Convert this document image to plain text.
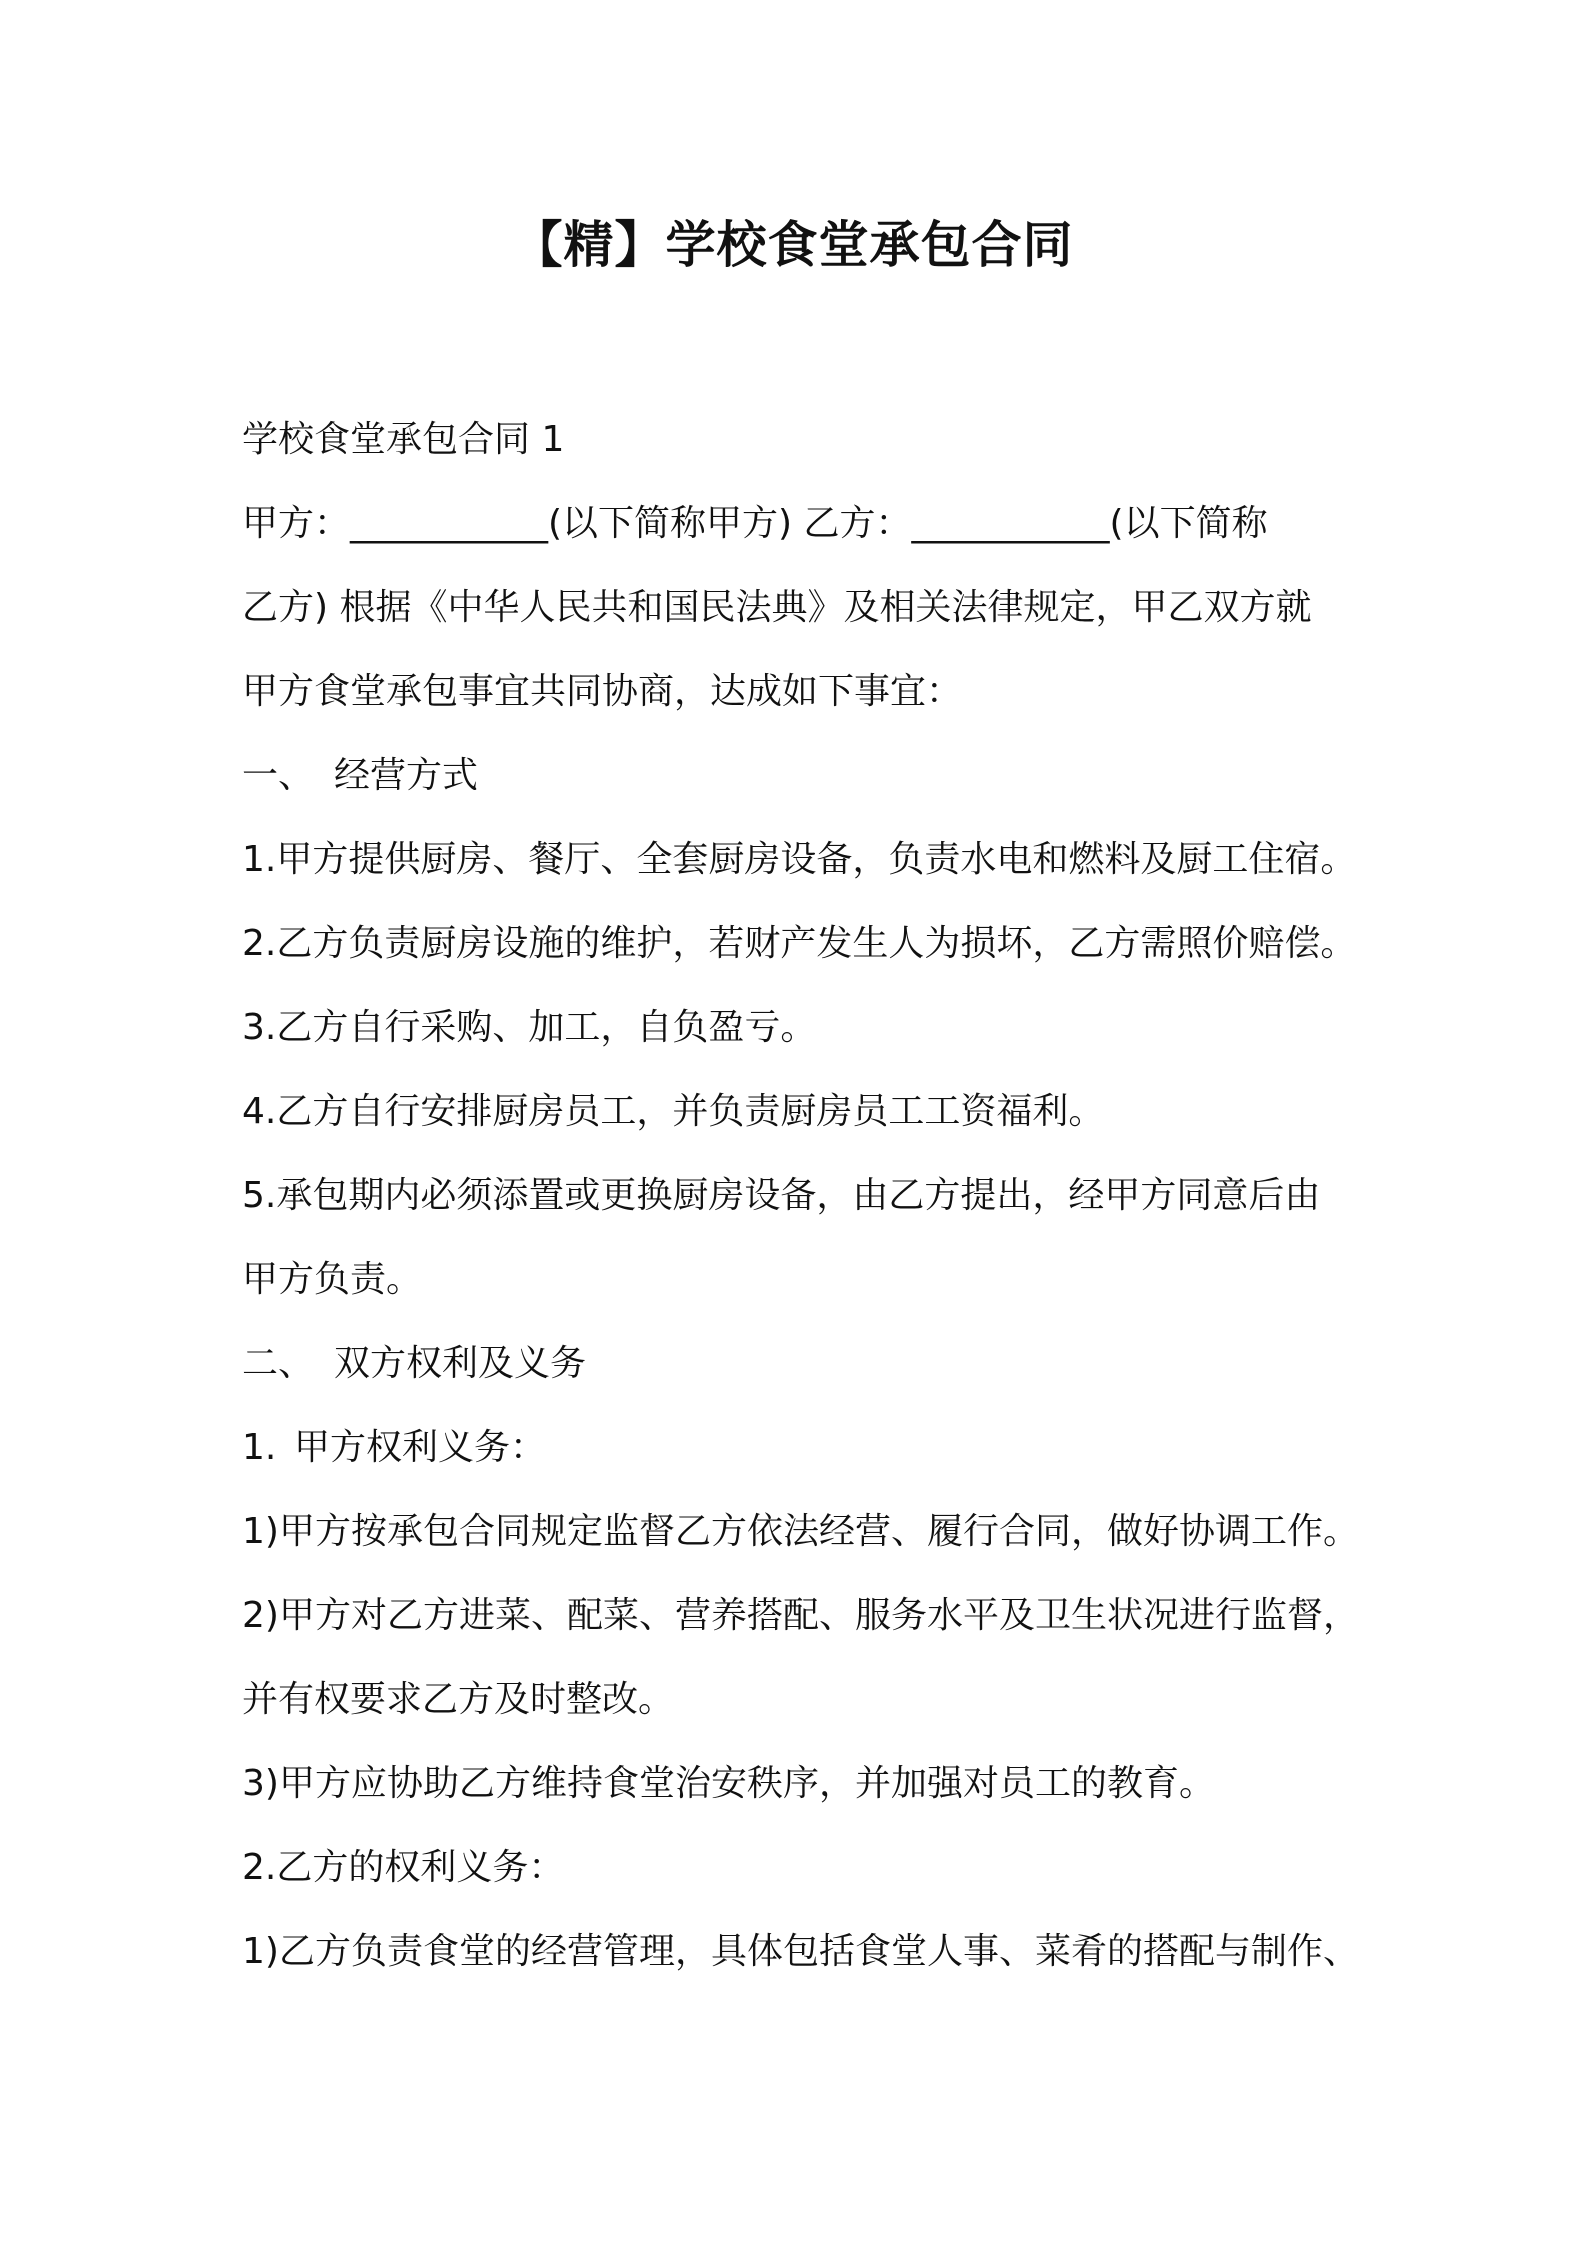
【精】学校食堂承包合同
学校食堂承包合同 1
甲方：___________(以下简称甲方) 乙方：___________(以下简称
乙方) 根据《中华人民共和国民法典》及相关法律规定，甲乙双方就
甲方食堂承包事宜共同协商，达成如下事宜：
一、 经营方式
1.甲方提供厨房、餐厅、全套厨房设备，负责水电和燃料及厨工住宿。
2.乙方负责厨房设施的维护，若财产发生人为损坏，乙方需照价赔偿。
3.乙方自行采购、加工，自负盈亏。
4.乙方自行安排厨房员工，并负责厨房员工工资福利。
5.承包期内必须添置或更换厨房设备，由乙方提出，经甲方同意后由
甲方负责。
二、 双方权利及义务
1. 甲方权利义务：
1)甲方按承包合同规定监督乙方依法经营、履行合同，做好协调工作。
2)甲方对乙方进菜、配菜、营养搭配、服务水平及卫生状况进行监督，
并有权要求乙方及时整改。
3)甲方应协助乙方维持食堂治安秩序，并加强对员工的教育。
2.乙方的权利义务：
1)乙方负责食堂的经营管理，具体包括食堂人事、菜肴的搭配与制作、
